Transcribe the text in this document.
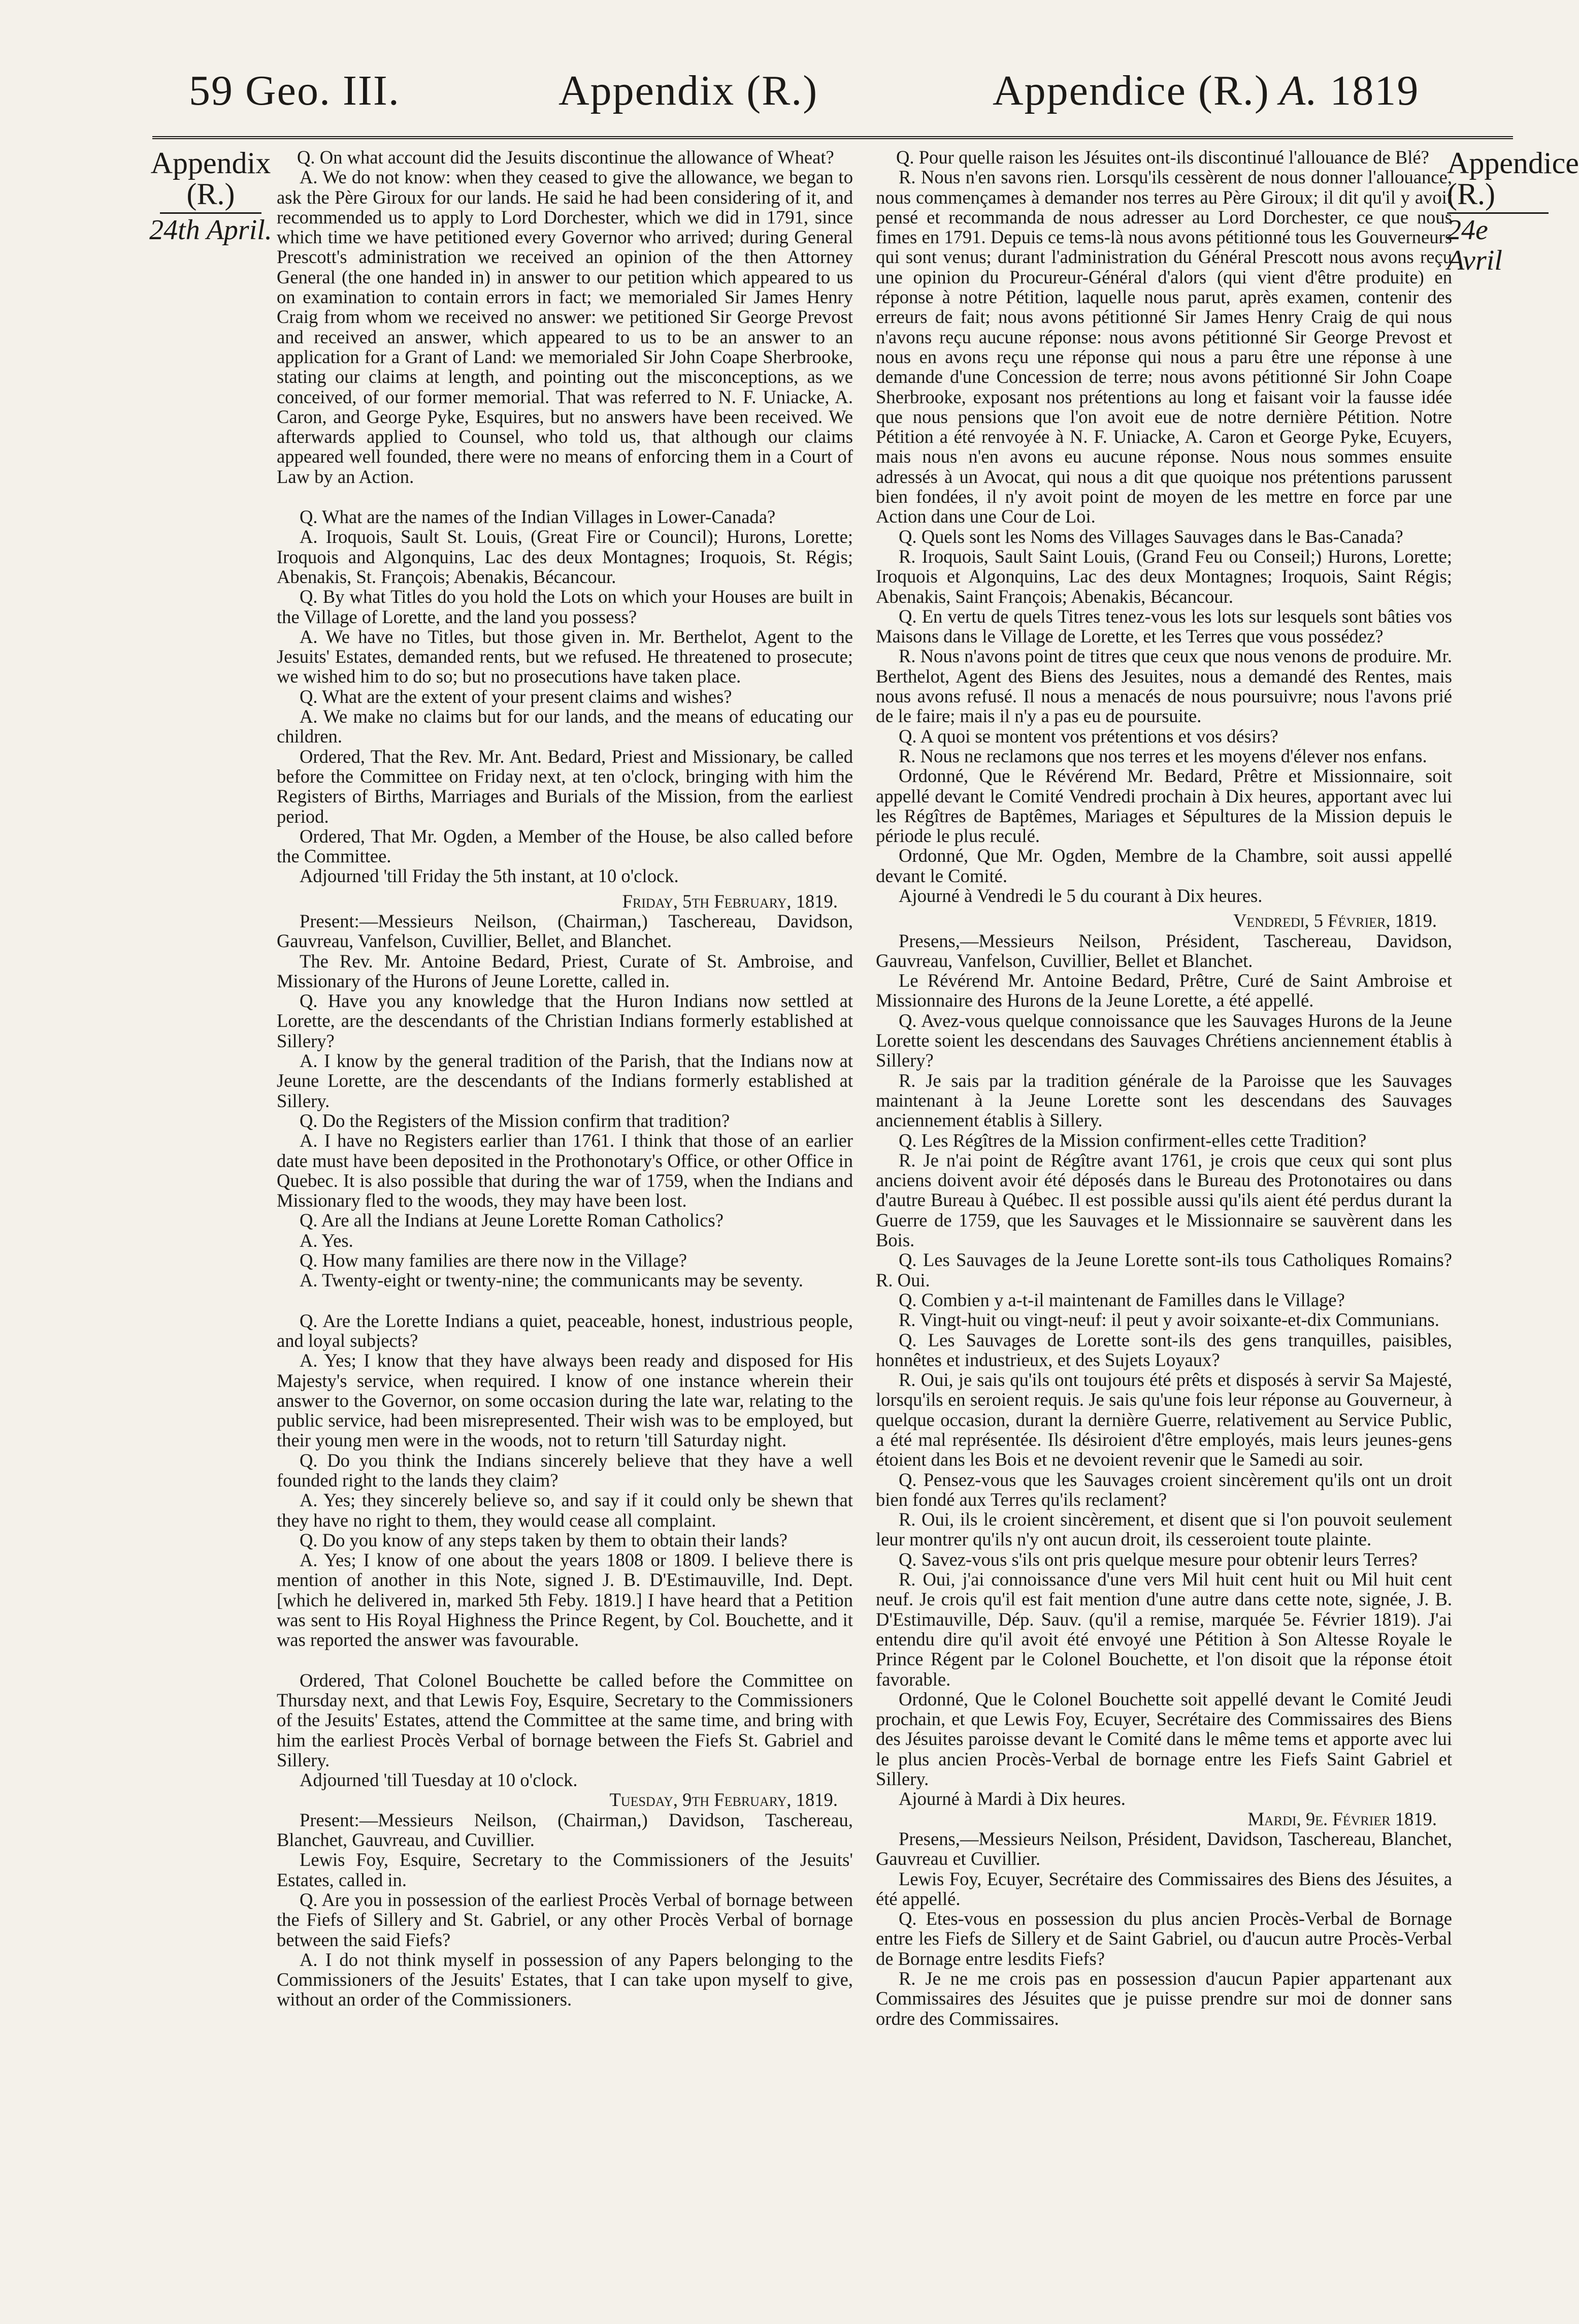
59 Geo. III.	Appendix (R.)	Appendice (R.) A. 1819
Appendix
(R.)
24th April.
Appendice
(R.)
24e Avril

Q. On what account did the Jesuits discontinue the allowance of Wheat?

A. We do not know: when they ceased to give the allowance, we began to ask the Père Giroux for our lands. He said he had been considering of it, and recommended us to apply to Lord Dorchester, which we did in 1791, since which time we have petitioned every Governor who arrived; during General Prescott's administration we received an opinion of the then Attorney General (the one handed in) in answer to our petition which appeared to us on examination to contain errors in fact; we memorialed Sir James Henry Craig from whom we received no answer: we petitioned Sir George Prevost and received an answer, which appeared to us to be an answer to an application for a Grant of Land: we memorialed Sir John Coape Sherbrooke, stating our claims at length, and pointing out the misconceptions, as we conceived, of our former memorial. That was referred to N. F. Uniacke, A. Caron, and George Pyke, Esquires, but no answers have been received. We afterwards applied to Counsel, who told us, that although our claims appeared well founded, there were no means of enforcing them in a Court of Law by an Action.

Q. What are the names of the Indian Villages in Lower-Canada?

A. Iroquois, Sault St. Louis, (Great Fire or Council); Hurons, Lorette; Iroquois and Algonquins, Lac des deux Montagnes; Iroquois, St. Régis; Abenakis, St. François; Abenakis, Bécancour.

Q. By what Titles do you hold the Lots on which your Houses are built in the Village of Lorette, and the land you possess?

A. We have no Titles, but those given in. Mr. Berthelot, Agent to the Jesuits' Estates, demanded rents, but we refused. He threatened to prosecute; we wished him to do so; but no prosecutions have taken place.

Q. What are the extent of your present claims and wishes?

A. We make no claims but for our lands, and the means of educating our children.

Ordered, That the Rev. Mr. Ant. Bedard, Priest and Missionary, be called before the Committee on Friday next, at ten o'clock, bringing with him the Registers of Births, Marriages and Burials of the Mission, from the earliest period.

Ordered, That Mr. Ogden, a Member of the House, be also called before the Committee.

Adjourned 'till Friday the 5th instant, at 10 o'clock.

Friday, 5th February, 1819.

Present:—Messieurs Neilson, (Chairman,) Taschereau, Davidson, Gauvreau, Vanfelson, Cuvillier, Bellet, and Blanchet.

The Rev. Mr. Antoine Bedard, Priest, Curate of St. Ambroise, and Missionary of the Hurons of Jeune Lorette, called in.

Q. Have you any knowledge that the Huron Indians now settled at Lorette, are the descendants of the Christian Indians formerly established at Sillery?

A. I know by the general tradition of the Parish, that the Indians now at Jeune Lorette, are the descendants of the Indians formerly established at Sillery.

Q. Do the Registers of the Mission confirm that tradition?

A. I have no Registers earlier than 1761. I think that those of an earlier date must have been deposited in the Prothonotary's Office, or other Office in Quebec. It is also possible that during the war of 1759, when the Indians and Missionary fled to the woods, they may have been lost.

Q. Are all the Indians at Jeune Lorette Roman Catholics?

A. Yes.

Q. How many families are there now in the Village?

A. Twenty-eight or twenty-nine; the communicants may be seventy.

Q. Are the Lorette Indians a quiet, peaceable, honest, industrious people, and loyal subjects?

A. Yes; I know that they have always been ready and disposed for His Majesty's service, when required. I know of one instance wherein their answer to the Governor, on some occasion during the late war, relating to the public service, had been misrepresented. Their wish was to be employed, but their young men were in the woods, not to return 'till Saturday night.

Q. Do you think the Indians sincerely believe that they have a well founded right to the lands they claim?

A. Yes; they sincerely believe so, and say if it could only be shewn that they have no right to them, they would cease all complaint.

Q. Do you know of any steps taken by them to obtain their lands?

A. Yes; I know of one about the years 1808 or 1809. I believe there is mention of another in this Note, signed J. B. D'Estimauville, Ind. Dept. [which he delivered in, marked 5th Feby. 1819.] I have heard that a Petition was sent to His Royal Highness the Prince Regent, by Col. Bouchette, and it was reported the answer was favourable.

Ordered, That Colonel Bouchette be called before the Committee on Thursday next, and that Lewis Foy, Esquire, Secretary to the Commissioners of the Jesuits' Estates, attend the Committee at the same time, and bring with him the earliest Procès Verbal of bornage between the Fiefs St. Gabriel and Sillery.

Adjourned 'till Tuesday at 10 o'clock.

Tuesday, 9th February, 1819.

Present:—Messieurs Neilson, (Chairman,) Davidson, Taschereau, Blanchet, Gauvreau, and Cuvillier.

Lewis Foy, Esquire, Secretary to the Commissioners of the Jesuits' Estates, called in.

Q. Are you in possession of the earliest Procès Verbal of bornage between the Fiefs of Sillery and St. Gabriel, or any other Procès Verbal of bornage between the said Fiefs?

A. I do not think myself in possession of any Papers belonging to the Commissioners of the Jesuits' Estates, that I can take upon myself to give, without an order of the Commissioners.

Q. Pour quelle raison les Jésuites ont-ils discontinué l'allouance de Blé?

R. Nous n'en savons rien. Lorsqu'ils cessèrent de nous donner l'allouance, nous commençames à demander nos terres au Père Giroux; il dit qu'il y avoit pensé et recommanda de nous adresser au Lord Dorchester, ce que nous fimes en 1791. Depuis ce tems-là nous avons pétitionné tous les Gouverneurs qui sont venus; durant l'administration du Général Prescott nous avons reçu une opinion du Procureur-Général d'alors (qui vient d'être produite) en réponse à notre Pétition, laquelle nous parut, après examen, contenir des erreurs de fait; nous avons pétitionné Sir James Henry Craig de qui nous n'avons reçu aucune réponse: nous avons pétitionné Sir George Prevost et nous en avons reçu une réponse qui nous a paru être une réponse à une demande d'une Concession de terre; nous avons pétitionné Sir John Coape Sherbrooke, exposant nos prétentions au long et faisant voir la fausse idée que nous pensions que l'on avoit eue de notre dernière Pétition. Notre Pétition a été renvoyée à N. F. Uniacke, A. Caron et George Pyke, Ecuyers, mais nous n'en avons eu aucune réponse. Nous nous sommes ensuite adressés à un Avocat, qui nous a dit que quoique nos prétentions parussent bien fondées, il n'y avoit point de moyen de les mettre en force par une Action dans une Cour de Loi.

Q. Quels sont les Noms des Villages Sauvages dans le Bas-Canada?

R. Iroquois, Sault Saint Louis, (Grand Feu ou Conseil;) Hurons, Lorette; Iroquois et Algonquins, Lac des deux Montagnes; Iroquois, Saint Régis; Abenakis, Saint François; Abenakis, Bécancour.

Q. En vertu de quels Titres tenez-vous les lots sur lesquels sont bâties vos Maisons dans le Village de Lorette, et les Terres que vous possédez?

R. Nous n'avons point de titres que ceux que nous venons de produire. Mr. Berthelot, Agent des Biens des Jesuites, nous a demandé des Rentes, mais nous avons refusé. Il nous a menacés de nous poursuivre; nous l'avons prié de le faire; mais il n'y a pas eu de poursuite.

Q. A quoi se montent vos prétentions et vos désirs?

R. Nous ne reclamons que nos terres et les moyens d'élever nos enfans.

Ordonné, Que le Révérend Mr. Bedard, Prêtre et Missionnaire, soit appellé devant le Comité Vendredi prochain à Dix heures, apportant avec lui les Régîtres de Baptêmes, Mariages et Sépultures de la Mission depuis le période le plus reculé.

Ordonné, Que Mr. Ogden, Membre de la Chambre, soit aussi appellé devant le Comité.

Ajourné à Vendredi le 5 du courant à Dix heures.

Vendredi, 5 Février, 1819.

Presens,—Messieurs Neilson, Président, Taschereau, Davidson, Gauvreau, Vanfelson, Cuvillier, Bellet et Blanchet.

Le Révérend Mr. Antoine Bedard, Prêtre, Curé de Saint Ambroise et Missionnaire des Hurons de la Jeune Lorette, a été appellé.

Q. Avez-vous quelque connoissance que les Sauvages Hurons de la Jeune Lorette soient les descendans des Sauvages Chrétiens anciennement établis à Sillery?

R. Je sais par la tradition générale de la Paroisse que les Sauvages maintenant à la Jeune Lorette sont les descendans des Sauvages anciennement établis à Sillery.

Q. Les Régîtres de la Mission confirment-elles cette Tradition?

R. Je n'ai point de Régître avant 1761, je crois que ceux qui sont plus anciens doivent avoir été déposés dans le Bureau des Protonotaires ou dans d'autre Bureau à Québec. Il est possible aussi qu'ils aient été perdus durant la Guerre de 1759, que les Sauvages et le Missionnaire se sauvèrent dans les Bois.

Q. Les Sauvages de la Jeune Lorette sont-ils tous Catholiques Romains? R. Oui.

Q. Combien y a-t-il maintenant de Familles dans le Village?

R. Vingt-huit ou vingt-neuf: il peut y avoir soixante-et-dix Communians.

Q. Les Sauvages de Lorette sont-ils des gens tranquilles, paisibles, honnêtes et industrieux, et des Sujets Loyaux?

R. Oui, je sais qu'ils ont toujours été prêts et disposés à servir Sa Majesté, lorsqu'ils en seroient requis. Je sais qu'une fois leur réponse au Gouverneur, à quelque occasion, durant la dernière Guerre, relativement au Service Public, a été mal représentée. Ils désiroient d'être employés, mais leurs jeunes-gens étoient dans les Bois et ne devoient revenir que le Samedi au soir.

Q. Pensez-vous que les Sauvages croient sincèrement qu'ils ont un droit bien fondé aux Terres qu'ils reclament?

R. Oui, ils le croient sincèrement, et disent que si l'on pouvoit seulement leur montrer qu'ils n'y ont aucun droit, ils cesseroient toute plainte.

Q. Savez-vous s'ils ont pris quelque mesure pour obtenir leurs Terres?

R. Oui, j'ai connoissance d'une vers Mil huit cent huit ou Mil huit cent neuf. Je crois qu'il est fait mention d'une autre dans cette note, signée, J. B. D'Estimauville, Dép. Sauv. (qu'il a remise, marquée 5e. Février 1819). J'ai entendu dire qu'il avoit été envoyé une Pétition à Son Altesse Royale le Prince Régent par le Colonel Bouchette, et l'on disoit que la réponse étoit favorable.

Ordonné, Que le Colonel Bouchette soit appellé devant le Comité Jeudi prochain, et que Lewis Foy, Ecuyer, Secrétaire des Commissaires des Biens des Jésuites paroisse devant le Comité dans le même tems et apporte avec lui le plus ancien Procès-Verbal de bornage entre les Fiefs Saint Gabriel et Sillery.

Ajourné à Mardi à Dix heures.

Mardi, 9e. Février 1819.

Presens,—Messieurs Neilson, Président, Davidson, Taschereau, Blanchet, Gauvreau et Cuvillier.

Lewis Foy, Ecuyer, Secrétaire des Commissaires des Biens des Jésuites, a été appellé.

Q. Etes-vous en possession du plus ancien Procès-Verbal de Bornage entre les Fiefs de Sillery et de Saint Gabriel, ou d'aucun autre Procès-Verbal de Bornage entre lesdits Fiefs?

R. Je ne me crois pas en possession d'aucun Papier appartenant aux Commissaires des Jésuites que je puisse prendre sur moi de donner sans ordre des Commissaires.
